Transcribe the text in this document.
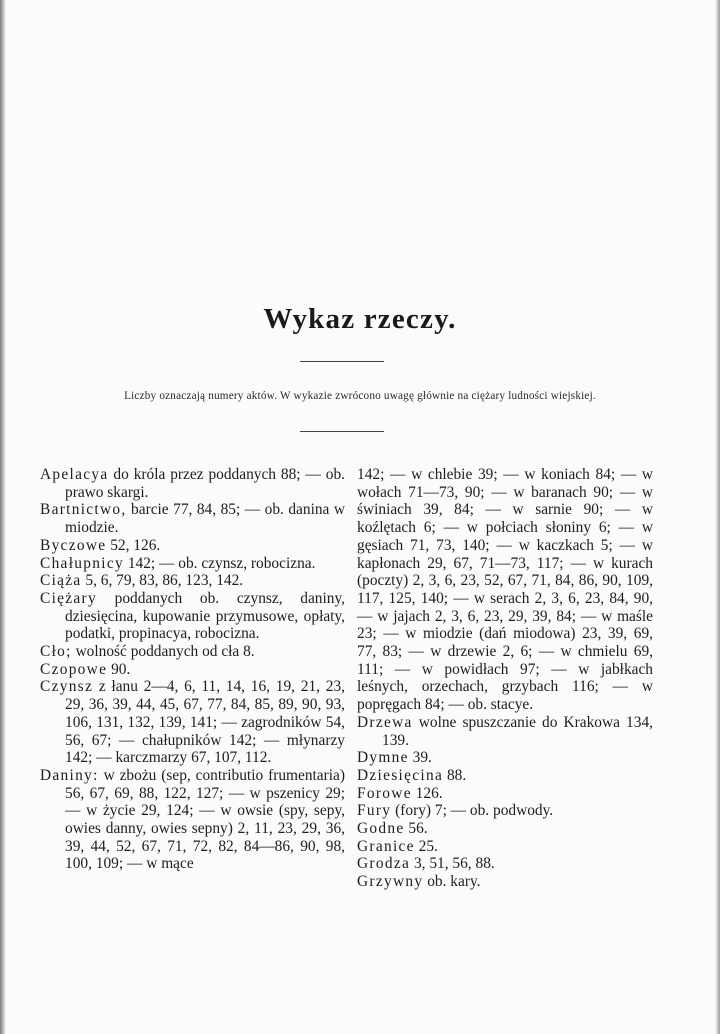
Wykaz rzeczy.

Liczby oznaczają numery aktów. W wykazie zwrócono uwagę głównie na ciężary ludności wiejskiej.

Apelacya do króla przez poddanych 88; — ob. prawo skargi.

Bartnictwo, barcie 77, 84, 85; — ob. danina w miodzie.

Byczowe 52, 126.

Chałupnicy 142; — ob. czynsz, robocizna.

Ciąża 5, 6, 79, 83, 86, 123, 142.

Ciężary poddanych ob. czynsz, daniny, dziesięcina, kupowanie przymusowe, opłaty, podatki, propinacya, robocizna.

Cło; wolność poddanych od cła 8.

Czopowe 90.

Czynsz z łanu 2—4, 6, 11, 14, 16, 19, 21, 23, 29, 36, 39, 44, 45, 67, 77, 84, 85, 89, 90, 93, 106, 131, 132, 139, 141; — zagrodników 54, 56, 67; — chałupników 142; — młynarzy 142; — karczmarzy 67, 107, 112.

Daniny: w zbożu (sep, contributio frumentaria) 56, 67, 69, 88, 122, 127; — w pszenicy 29; — w życie 29, 124; — w owsie (spy, sepy, owies danny, owies sepny) 2, 11, 23, 29, 36, 39, 44, 52, 67, 71, 72, 82, 84—86, 90, 98, 100, 109; — w mące

142; — w chlebie 39; — w koniach 84; — w wołach 71—73, 90; — w baranach 90; — w świniach 39, 84; — w sarnie 90; — w koźlętach 6; — w połciach słoniny 6; — w gęsiach 71, 73, 140; — w kaczkach 5; — w kapłonach 29, 67, 71—73, 117; — w kurach (poczty) 2, 3, 6, 23, 52, 67, 71, 84, 86, 90, 109, 117, 125, 140; — w serach 2, 3, 6, 23, 84, 90, — w jajach 2, 3, 6, 23, 29, 39, 84; — w maśle 23; — w miodzie (dań miodowa) 23, 39, 69, 77, 83; — w drzewie 2, 6; — w chmielu 69, 111; — w powidłach 97; — w jabłkach leśnych, orzechach, grzybach 116; — w popręgach 84; — ob. stacye.

Drzewa wolne spuszczanie do Krakowa 134, 139.

Dymne 39.

Dziesięcina 88.

Forowe 126.

Fury (fory) 7; — ob. podwody.

Godne 56.

Granice 25.

Grodza 3, 51, 56, 88.

Grzywny ob. kary.
